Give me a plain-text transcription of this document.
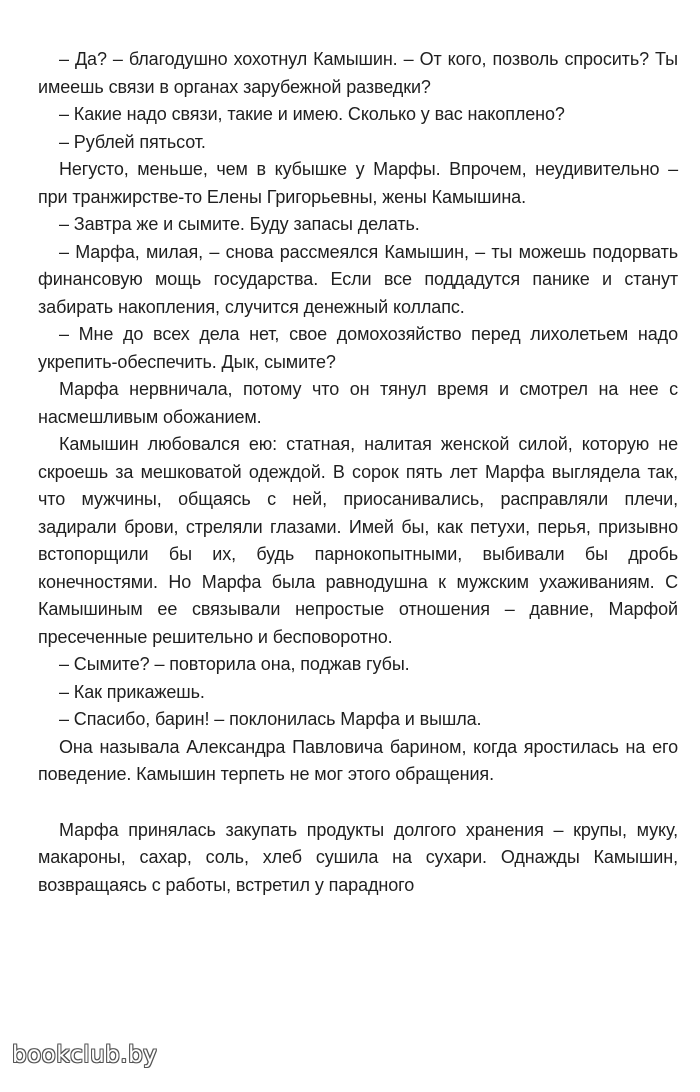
– Да? – благодушно хохотнул Камышин. – От кого, позволь спросить? Ты имеешь связи в органах зарубежной разведки?

– Какие надо связи, такие и имею. Сколько у вас накоплено?

– Рублей пятьсот.

Негусто, меньше, чем в кубышке у Марфы. Впрочем, неудивительно – при транжирстве-то Елены Григорьевны, жены Камышина.

– Завтра же и сымите. Буду запасы делать.

– Марфа, милая, – снова рассмеялся Камышин, – ты можешь подорвать финансовую мощь государства. Если все поддадутся панике и станут забирать накопления, случится денежный коллапс.

– Мне до всех дела нет, свое домохозяйство перед лихолетьем надо укрепить-обеспечить. Дык, сымите?

Марфа нервничала, потому что он тянул время и смотрел на нее с насмешливым обожанием.

Камышин любовался ею: статная, налитая женской силой, которую не скроешь за мешковатой одеждой. В сорок пять лет Марфа выглядела так, что мужчины, общаясь с ней, приосанивались, расправляли плечи, задирали брови, стреляли глазами. Имей бы, как петухи, перья, призывно встопорщили бы их, будь парнокопытными, выбивали бы дробь конечностями. Но Марфа была равнодушна к мужским ухаживаниям. С Камышиным ее связывали непростые отношения – давние, Марфой пресеченные решительно и бесповоротно.

– Сымите? – повторила она, поджав губы.

– Как прикажешь.

– Спасибо, барин! – поклонилась Марфа и вышла.

Она называла Александра Павловича барином, когда яростилась на его поведение. Камышин терпеть не мог этого обращения.

Марфа принялась закупать продукты долгого хранения – крупы, муку, макароны, сахар, соль, хлеб сушила на сухари. Однажды Камышин, возвращаясь с работы, встретил у парадного

bookclub.by
